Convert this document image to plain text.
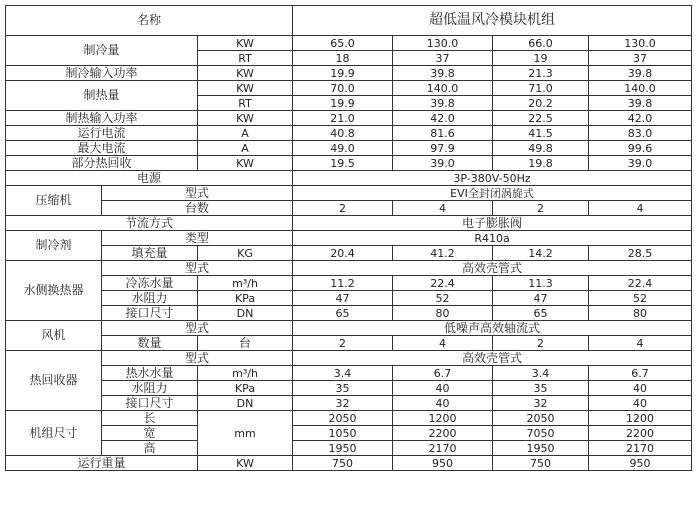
名称			超低温风冷模块机组			
制冷量		KW	65.0	130.0	66.0	130.0
		RT	18	37	19	37
制冷输入功率		KW	19.9	39.8	21.3	39.8
制热量		KW	70.0	140.0	71.0	140.0
		RT	19.9	39.8	20.2	39.8
制热输入功率		KW	21.0	42.0	22.5	42.0
运行电流		A	40.8	81.6	41.5	83.0
最大电流		A	49.0	97.9	49.8	99.6
部分热回收		KW	19.5	39.0	19.8	39.0
电源			3P-380V-50Hz			
压缩机	型式		EVI全封闭涡旋式			
	台数		2	4	2	4
节流方式			电子膨胀阀			
制冷剂	类型		R410a			
	填充量	KG	20.4	41.2	14.2	28.5
水侧换热器	型式		高效壳管式			
	冷冻水量	m³/h	11.2	22.4	11.3	22.4
	水阻力	KPa	47	52	47	52
	接口尺寸	DN	65	80	65	80
风机	型式		低噪声高效轴流式			
	数量	台	2	4	2	4
热回收器	型式		高效壳管式			
	热水水量	m³/h	3.4	6.7	3.4	6.7
	水阻力	KPa	35	40	35	40
	接口尺寸	DN	32	40	32	40
机组尺寸	长	mm	2050	1200	2050	1200
	宽		1050	2200	7050	2200
	高		1950	2170	1950	2170
运行重量		KW	750	950	750	950
